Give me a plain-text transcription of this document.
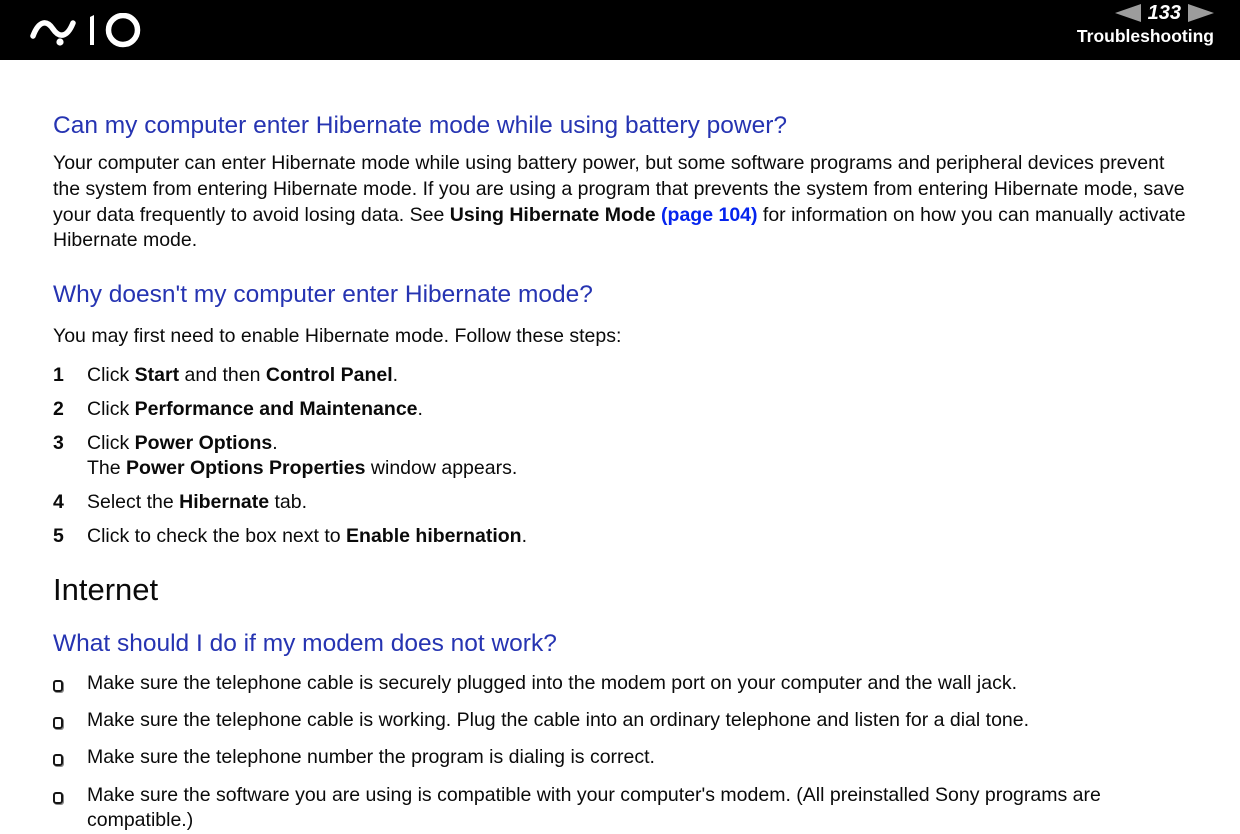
133
Troubleshooting
Can my computer enter Hibernate mode while using battery power?

Your computer can enter Hibernate mode while using battery power, but some software programs and peripheral devices prevent the system from entering Hibernate mode. If you are using a program that prevents the system from entering Hibernate mode, save your data frequently to avoid losing data. See Using Hibernate Mode (page 104) for information on how you can manually activate Hibernate mode.

Why doesn't my computer enter Hibernate mode?

You may first need to enable Hibernate mode. Follow these steps:

1	Click Start and then Control Panel.
2	Click Performance and Maintenance.
3	Click Power Options.
The Power Options Properties window appears.
4	Select the Hibernate tab.
5	Click to check the box next to Enable hibernation.
Internet
What should I do if my modem does not work?
Make sure the telephone cable is securely plugged into the modem port on your computer and the wall jack.
Make sure the telephone cable is working. Plug the cable into an ordinary telephone and listen for a dial tone.
Make sure the telephone number the program is dialing is correct.
Make sure the software you are using is compatible with your computer's modem. (All preinstalled Sony programs are compatible.)
